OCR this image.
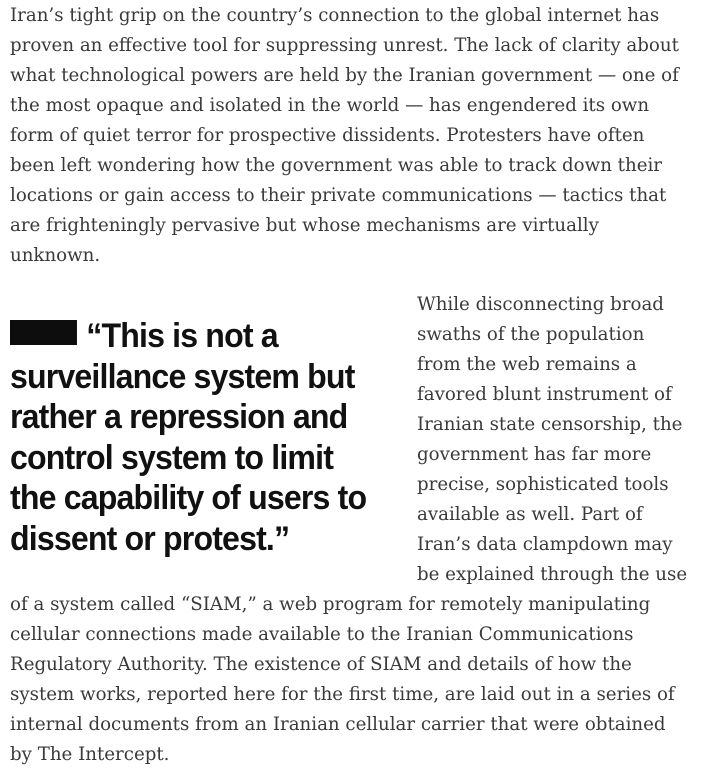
Iran’s tight grip on the country’s connection to the global internet has proven an effective tool for suppressing unrest. The lack of clarity about what technological powers are held by the Iranian government — one of the most opaque and isolated in the world — has engendered its own form of quiet terror for prospective dissidents. Protesters have often been left wondering how the government was able to track down their locations or gain access to their private communications — tactics that are frighteningly pervasive but whose mechanisms are virtually unknown.

“This is not a surveillance system but rather a repression and control system to limit the capability of users to dissent or protest.”

While disconnecting broad swaths of the population from the web remains a favored blunt instrument of Iranian state censorship, the government has far more precise, sophisticated tools available as well. Part of Iran’s data clampdown may be explained through the use of a system called “SIAM,” a web program for remotely manipulating cellular connections made available to the Iranian Communications Regulatory Authority. The existence of SIAM and details of how the system works, reported here for the first time, are laid out in a series of internal documents from an Iranian cellular carrier that were obtained by The Intercept.
